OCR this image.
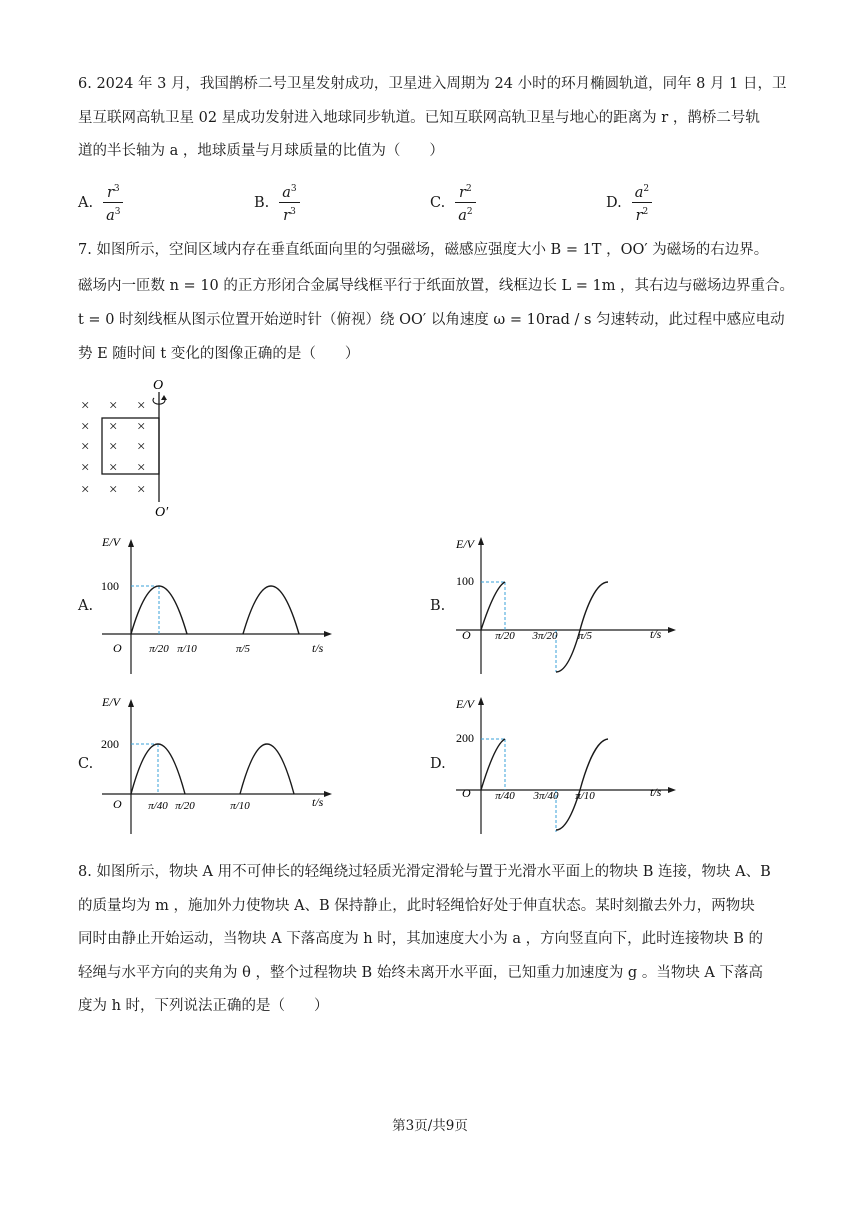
6. 2024 年 3 月，我国鹊桥二号卫星发射成功，卫星进入周期为 24 小时的环月椭圆轨道，同年 8 月 1 日，卫
星互联网高轨卫星 02 星成功发射进入地球同步轨道。已知互联网高轨卫星与地心的距离为 r ，鹊桥二号轨
道的半长轴为 a ，地球质量与月球质量的比值为（　　）
A. $\frac{r^3}{a^3}$	B. $\frac{a^3}{r^3}$	C. $\frac{r^2}{a^2}$	D. $\frac{a^2}{r^2}$
7. 如图所示，空间区域内存在垂直纸面向里的匀强磁场，磁感应强度大小 B = 1T ，OO′ 为磁场的右边界。
磁场内一匝数 n = 10 的正方形闭合金属导线框平行于纸面放置，线框边长 L = 1m ，其右边与磁场边界重合。
t = 0 时刻线框从图示位置开始逆时针（俯视）绕 OO′ 以角速度 ω = 10rad / s 匀速转动，此过程中感应电动
势 E 随时间 t 变化的图像正确的是（　　）
× × ×
× × ×
× × ×
× × ×
× × ×
O
O′
A.	B.
C.	D.
E/V
t/s
O
100
π/20 π/10	π/5
E/V
t/s
O
100
π/20 3π/20 π/5
E/V
t/s
O
200
π/40 π/20	π/10
E/V
t/s
O
200
π/40 3π/40 π/10
8. 如图所示，物块 A 用不可伸长的轻绳绕过轻质光滑定滑轮与置于光滑水平面上的物块 B 连接，物块 A、B
的质量均为 m ，施加外力使物块 A、B 保持静止，此时轻绳恰好处于伸直状态。某时刻撤去外力，两物块
同时由静止开始运动，当物块 A 下落高度为 h 时，其加速度大小为 a ，方向竖直向下，此时连接物块 B 的
轻绳与水平方向的夹角为 θ ，整个过程物块 B 始终未离开水平面，已知重力加速度为 g 。当物块 A 下落高
度为 h 时，下列说法正确的是（　　）
第3页/共9页
